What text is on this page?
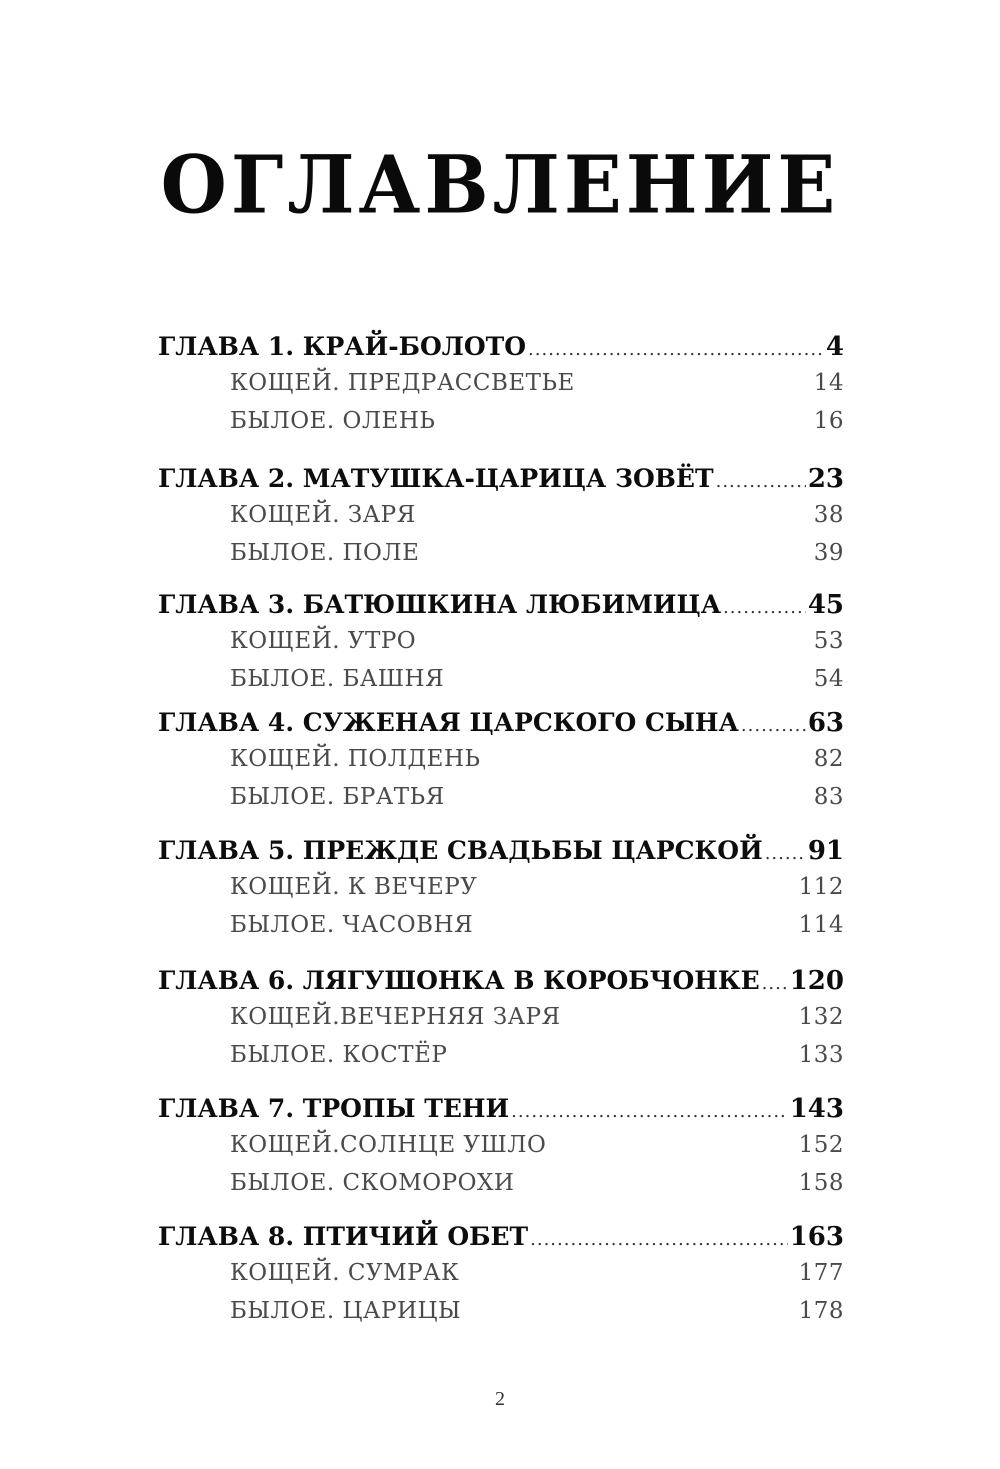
ОГЛАВЛЕНИЕ
ГЛАВА 1. КРАЙ-БОЛОТО .....	4
КОЩЕЙ. ПРЕДРАССВЕТЬЕ	14
БЫЛОЕ. ОЛЕНЬ	16
ГЛАВА 2. МАТУШКА-ЦАРИЦА ЗОВЁТ .....	23
КОЩЕЙ. ЗАРЯ	38
БЫЛОЕ. ПОЛЕ	39
ГЛАВА 3. БАТЮШКИНА ЛЮБИМИЦА .....	45
КОЩЕЙ. УТРО	53
БЫЛОЕ. БАШНЯ	54
ГЛАВА 4. СУЖЕНАЯ ЦАРСКОГО СЫНА .....	63
КОЩЕЙ. ПОЛДЕНЬ	82
БЫЛОЕ. БРАТЬЯ	83
ГЛАВА 5. ПРЕЖДЕ СВАДЬБЫ ЦАРСКОЙ ..... 91
КОЩЕЙ. К ВЕЧЕРУ	112
БЫЛОЕ. ЧАСОВНЯ	114
ГЛАВА 6. ЛЯГУШОНКА В КОРОБЧОНКЕ ..... 120
КОЩЕЙ.ВЕЧЕРНЯЯ ЗАРЯ	132
БЫЛОЕ. КОСТЁР	133
ГЛАВА 7. ТРОПЫ ТЕНИ .....	143
КОЩЕЙ.СОЛНЦЕ УШЛО	152
БЫЛОЕ. СКОМОРОХИ	158
ГЛАВА 8. ПТИЧИЙ ОБЕТ .....	163
КОЩЕЙ. СУМРАК	177
БЫЛОЕ. ЦАРИЦЫ	178
2
